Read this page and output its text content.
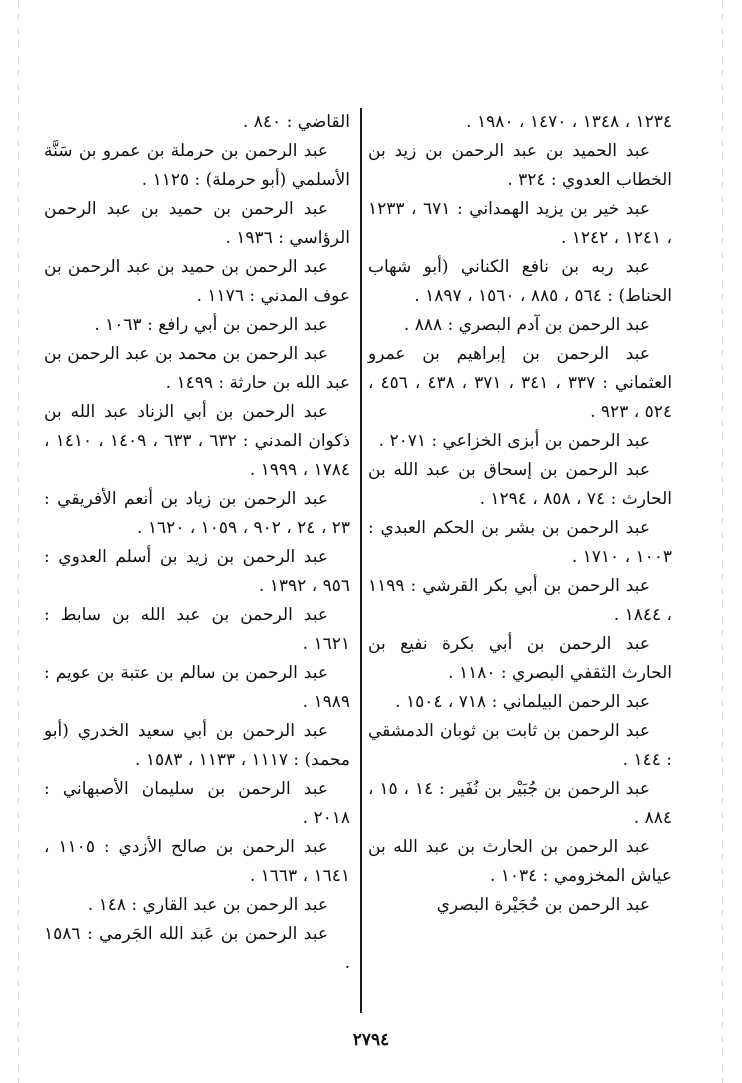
١٢٣٤ ، ١٣٤٨ ، ١٤٧٠ ، ١٩٨٠ .

عبد الحميد بن عبد الرحمن بن زيد بن الخطاب العدوي : ٣٢٤ .

عبد خير بن يزيد الهمداني : ٦٧١ ، ١٢٣٣ ، ١٢٤١ ، ١٢٤٢ .

عبد ربه بن نافع الكناني (أبو شهاب الحناط) : ٥٦٤ ، ٨٨٥ ، ١٥٦٠ ، ١٨٩٧ .

عبد الرحمن بن آدم البصري : ٨٨٨ .

عبد الرحمن بن إبراهيم بن عمرو العثماني : ٣٣٧ ، ٣٤١ ، ٣٧١ ، ٤٣٨ ، ٤٥٦ ، ٥٢٤ ، ٩٢٣ .

عبد الرحمن بن أبزى الخزاعي : ٢٠٧١ .

عبد الرحمن بن إسحاق بن عبد الله بن الحارث : ٧٤ ، ٨٥٨ ، ١٢٩٤ .

عبد الرحمن بن بشر بن الحكم العبدي : ١٠٠٣ ، ١٧١٠ .

عبد الرحمن بن أبي بكر القرشي : ١١٩٩ ، ١٨٤٤ .

عبد الرحمن بن أبي بكرة نفيع بن الحارث الثقفي البصري : ١١٨٠ .

عبد الرحمن البيلماني : ٧١٨ ، ١٥٠٤ .

عبد الرحمن بن ثابت بن ثوبان الدمشقي : ١٤٤ .

عبد الرحمن بن جُبَيْر بن نُفَير : ١٤ ، ١٥ ، ٨٨٤ .

عبد الرحمن بن الحارث بن عبد الله بن عياش المخزومي : ١٠٣٤ .

عبد الرحمن بن حُجَيْرة البصري

القاضي : ٨٤٠ .

عبد الرحمن بن حرملة بن عمرو بن سَنَّة الأسلمي (أبو حرملة) : ١١٢٥ .

عبد الرحمن بن حميد بن عبد الرحمن الرؤاسي : ١٩٣٦ .

عبد الرحمن بن حميد بن عبد الرحمن بن عوف المدني : ١١٧٦ .

عبد الرحمن بن أبي رافع : ١٠٦٣ .

عبد الرحمن بن محمد بن عبد الرحمن بن عبد الله بن حارثة : ١٤٩٩ .

عبد الرحمن بن أبي الزناد عبد الله بن ذكوان المدني : ٦٣٢ ، ٦٣٣ ، ١٤٠٩ ، ١٤١٠ ، ١٧٨٤ ، ١٩٩٩ .

عبد الرحمن بن زياد بن أنعم الأفريقي : ٢٣ ، ٢٤ ، ٩٠٢ ، ١٠٥٩ ، ١٦٢٠ .

عبد الرحمن بن زيد بن أسلم العدوي : ٩٥٦ ، ١٣٩٢ .

عبد الرحمن بن عبد الله بن سابط : ١٦٢١ .

عبد الرحمن بن سالم بن عتبة بن عويم : ١٩٨٩ .

عبد الرحمن بن أبي سعيد الخدري (أبو محمد) : ١١١٧ ، ١١٣٣ ، ١٥٨٣ .

عبد الرحمن بن سليمان الأصبهاني : ٢٠١٨ .

عبد الرحمن بن صالح الأزدي : ١١٠٥ ، ١٦٤١ ، ١٦٦٣ .

عبد الرحمن بن عبد القاري : ١٤٨ .

عبد الرحمن بن عَبد الله الجَرمي : ١٥٨٦ .

٢٧٩٤
